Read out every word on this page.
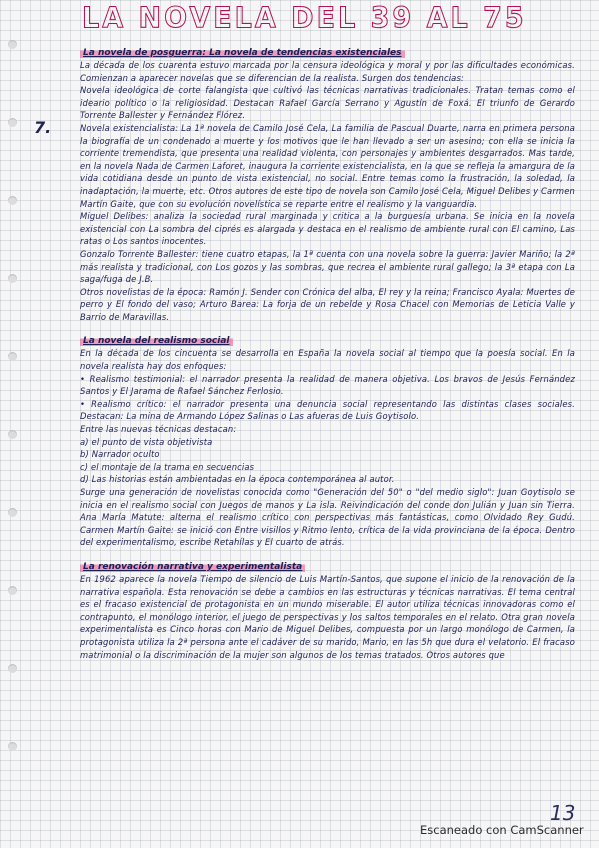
LA NOVELA DEL 39 AL 75
7.
La novela de posguerra: La novela de tendencias existenciales

La década de los cuarenta estuvo marcada por la censura ideológica y moral y por las dificultades económicas. Comienzan a aparecer novelas que se diferencian de la realista. Surgen dos tendencias:

Novela ideológica de corte falangista que cultivó las técnicas narrativas tradicionales. Tratan temas como el ideario político o la religiosidad. Destacan Rafael García Serrano y Agustín de Foxá. El triunfo de Gerardo Torrente Ballester y Fernández Flórez.

Novela existencialista: La 1ª novela de Camilo José Cela, La familia de Pascual Duarte, narra en primera persona la biografía de un condenado a muerte y los motivos que le han llevado a ser un asesino; con ella se inicia la corriente tremendista, que presenta una realidad violenta, con personajes y ambientes desgarrados. Mas tarde, en la novela Nada de Carmen Laforet, inaugura la corriente existencialista, en la que se refleja la amargura de la vida cotidiana desde un punto de vista existencial, no social. Entre temas como la frustración, la soledad, la inadaptación, la muerte, etc. Otros autores de este tipo de novela son Camilo José Cela, Miguel Delibes y Carmen Martín Gaite, que con su evolución novelística se reparte entre el realismo y la vanguardia.

Miguel Delibes: analiza la sociedad rural marginada y critica a la burguesía urbana. Se inicia en la novela existencial con La sombra del ciprés es alargada y destaca en el realismo de ambiente rural con El camino, Las ratas o Los santos inocentes.

Gonzalo Torrente Ballester: tiene cuatro etapas, la 1ª cuenta con una novela sobre la guerra: Javier Mariño; la 2ª más realista y tradicional, con Los gozos y las sombras, que recrea el ambiente rural gallego; la 3ª etapa con La saga/fuga de J.B.

Otros novelistas de la época: Ramón J. Sender con Crónica del alba, El rey y la reina; Francisco Ayala: Muertes de perro y El fondo del vaso; Arturo Barea: La forja de un rebelde y Rosa Chacel con Memorias de Leticia Valle y Barrio de Maravillas.

La novela del realismo social

En la década de los cincuenta se desarrolla en España la novela social al tiempo que la poesía social. En la novela realista hay dos enfoques:

• Realismo testimonial: el narrador presenta la realidad de manera objetiva. Los bravos de Jesús Fernández Santos y El Jarama de Rafael Sánchez Ferlosio.

• Realismo crítico: el narrador presenta una denuncia social representando las distintas clases sociales. Destacan: La mina de Armando López Salinas o Las afueras de Luis Goytisolo.

Entre las nuevas técnicas destacan:

a) el punto de vista objetivista

b) Narrador oculto

c) el montaje de la trama en secuencias

d) Las historias están ambientadas en la época contemporánea al autor.

Surge una generación de novelistas conocida como "Generación del 50" o "del medio siglo": Juan Goytisolo se inicia en el realismo social con Juegos de manos y La isla. Reivindicación del conde don Julián y Juan sin Tierra. Ana María Matute: alterna el realismo crítico con perspectivas más fantásticas, como Olvidado Rey Gudú. Carmen Martín Gaite: se inició con Entre visillos y Ritmo lento, crítica de la vida provinciana de la época. Dentro del experimentalismo, escribe Retahílas y El cuarto de atrás.

La renovación narrativa y experimentalista

En 1962 aparece la novela Tiempo de silencio de Luis Martín-Santos, que supone el inicio de la renovación de la narrativa española. Esta renovación se debe a cambios en las estructuras y técnicas narrativas. El tema central es el fracaso existencial de protagonista en un mundo miserable. El autor utiliza técnicas innovadoras como el contrapunto, el monólogo interior, el juego de perspectivas y los saltos temporales en el relato. Otra gran novela experimentalista es Cinco horas con Mario de Miguel Delibes, compuesta por un largo monólogo de Carmen, la protagonista utiliza la 2ª persona ante el cadáver de su marido, Mario, en las 5h que dura el velatorio. El fracaso matrimonial o la discriminación de la mujer son algunos de los temas tratados. Otros autores que

13
Escaneado con CamScanner
